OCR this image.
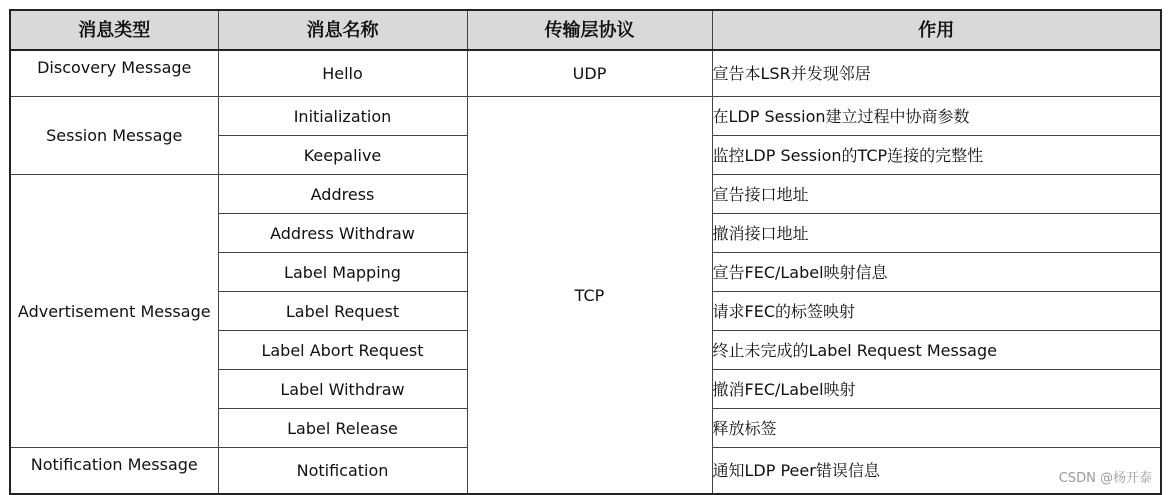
消息类型	消息名称	传输层协议	作用
Discovery Message	Hello	UDP	宣告本LSR并发现邻居
Session Message	Initialization	TCP	在LDP Session建立过程中协商参数
	Keepalive		监控LDP Session的TCP连接的完整性
Advertisement Message	Address		宣告接口地址
	Address Withdraw		撤消接口地址
	Label Mapping		宣告FEC/Label映射信息
	Label Request		请求FEC的标签映射
	Label Abort Request		终止未完成的Label Request Message
	Label Withdraw		撤消FEC/Label映射
	Label Release		释放标签
Notification Message	Notification		通知LDP Peer错误信息	CSDN @杨开泰
